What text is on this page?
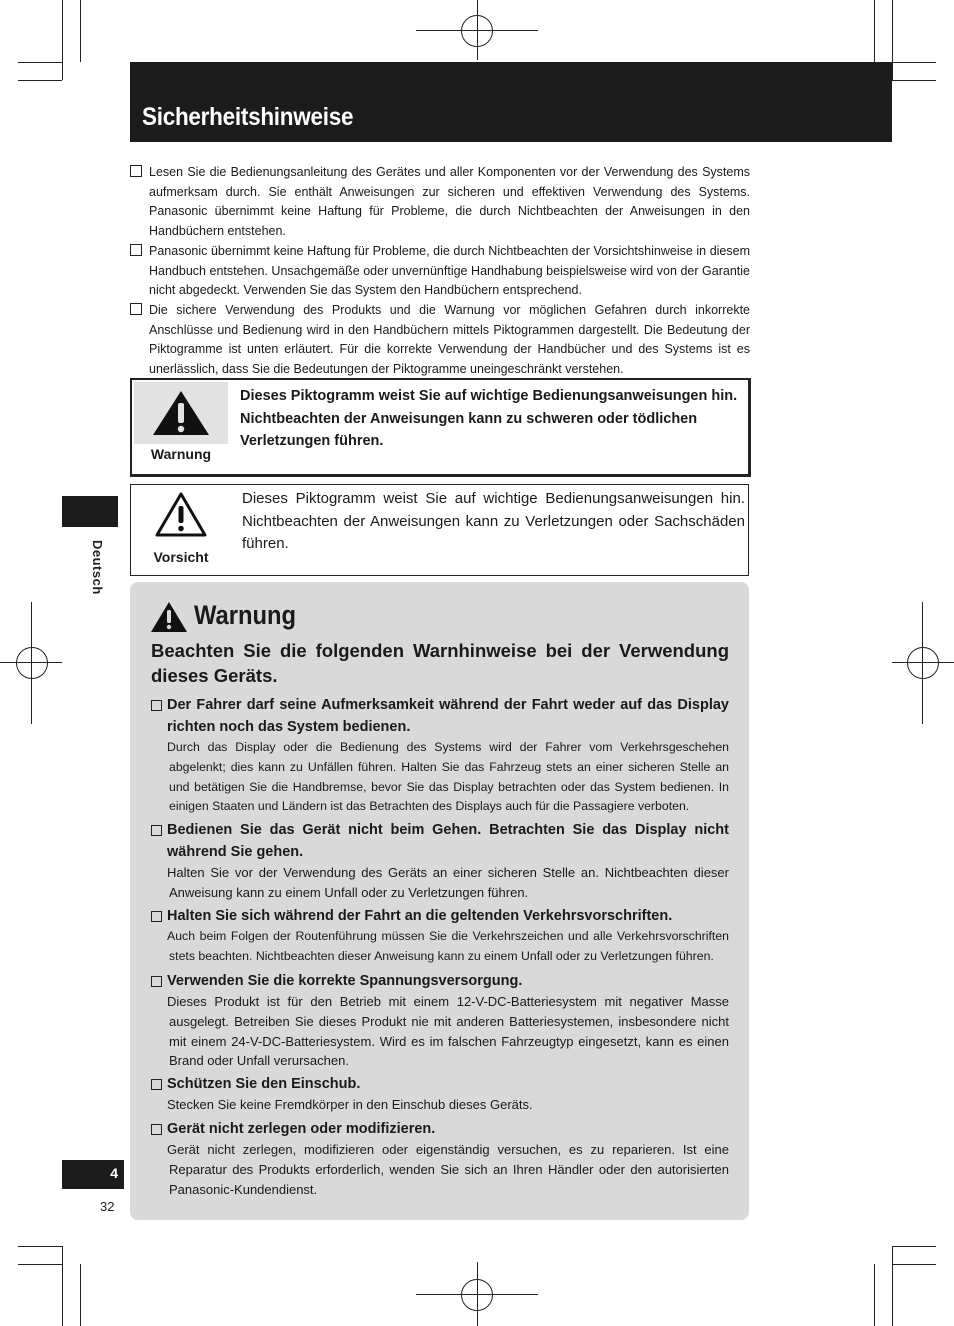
Sicherheitshinweise
Deutsch
4
32

Lesen Sie die Bedienungsanleitung des Gerätes und aller Komponenten vor der Verwendung des Systems aufmerksam durch. Sie enthält Anweisungen zur sicheren und effektiven Verwendung des Systems. Panasonic übernimmt keine Haftung für Probleme, die durch Nichtbeachten der Anweisungen in den Handbüchern entstehen.

Panasonic übernimmt keine Haftung für Probleme, die durch Nichtbeachten der Vorsichtshinweise in diesem Handbuch entstehen. Unsachgemäße oder unvernünftige Handhabung beispielsweise wird von der Garantie nicht abgedeckt. Verwenden Sie das System den Handbüchern entsprechend.

Die sichere Verwendung des Produkts und die Warnung vor möglichen Gefahren durch inkorrekte Anschlüsse und Bedienung wird in den Handbüchern mittels Piktogrammen dargestellt. Die Bedeutung der Piktogramme ist unten erläutert. Für die korrekte Verwendung der Handbücher und des Systems ist es unerlässlich, dass Sie die Bedeutungen der Piktogramme uneingeschränkt verstehen.

Warnung
Dieses Piktogramm weist Sie auf wichtige Bedienungsanweisungen hin. Nichtbeachten der Anweisungen kann zu schweren oder tödlichen Verletzungen führen.
Vorsicht
Dieses Piktogramm weist Sie auf wichtige Bedienungsanweisungen hin. Nichtbeachten der Anweisungen kann zu Verletzungen oder Sachschäden führen.
Warnung
Beachten Sie die folgenden Warnhinweise bei der Verwendung dieses Geräts.
Der Fahrer darf seine Aufmerksamkeit während der Fahrt weder auf das Display richten noch das System bedienen.
Durch das Display oder die Bedienung des Systems wird der Fahrer vom Verkehrsgeschehen abgelenkt; dies kann zu Unfällen führen. Halten Sie das Fahrzeug stets an einer sicheren Stelle an und betätigen Sie die Handbremse, bevor Sie das Display betrachten oder das System bedienen. In einigen Staaten und Ländern ist das Betrachten des Displays auch für die Passagiere verboten.
Bedienen Sie das Gerät nicht beim Gehen. Betrachten Sie das Display nicht während Sie gehen.
Halten Sie vor der Verwendung des Geräts an einer sicheren Stelle an. Nichtbeachten dieser Anweisung kann zu einem Unfall oder zu Verletzungen führen.
Halten Sie sich während der Fahrt an die geltenden Verkehrsvorschriften.
Auch beim Folgen der Routenführung müssen Sie die Verkehrszeichen und alle Verkehrsvorschriften stets beachten. Nichtbeachten dieser Anweisung kann zu einem Unfall oder zu Verletzungen führen.
Verwenden Sie die korrekte Spannungsversorgung.
Dieses Produkt ist für den Betrieb mit einem 12-V-DC-Batteriesystem mit negativer Masse ausgelegt. Betreiben Sie dieses Produkt nie mit anderen Batteriesystemen, insbesondere nicht mit einem 24-V-DC-Batteriesystem. Wird es im falschen Fahrzeugtyp eingesetzt, kann es einen Brand oder Unfall verursachen.
Schützen Sie den Einschub.
Stecken Sie keine Fremdkörper in den Einschub dieses Geräts.
Gerät nicht zerlegen oder modifizieren.
Gerät nicht zerlegen, modifizieren oder eigenständig versuchen, es zu reparieren. Ist eine Reparatur des Produkts erforderlich, wenden Sie sich an Ihren Händler oder den autorisierten Panasonic-Kundendienst.
